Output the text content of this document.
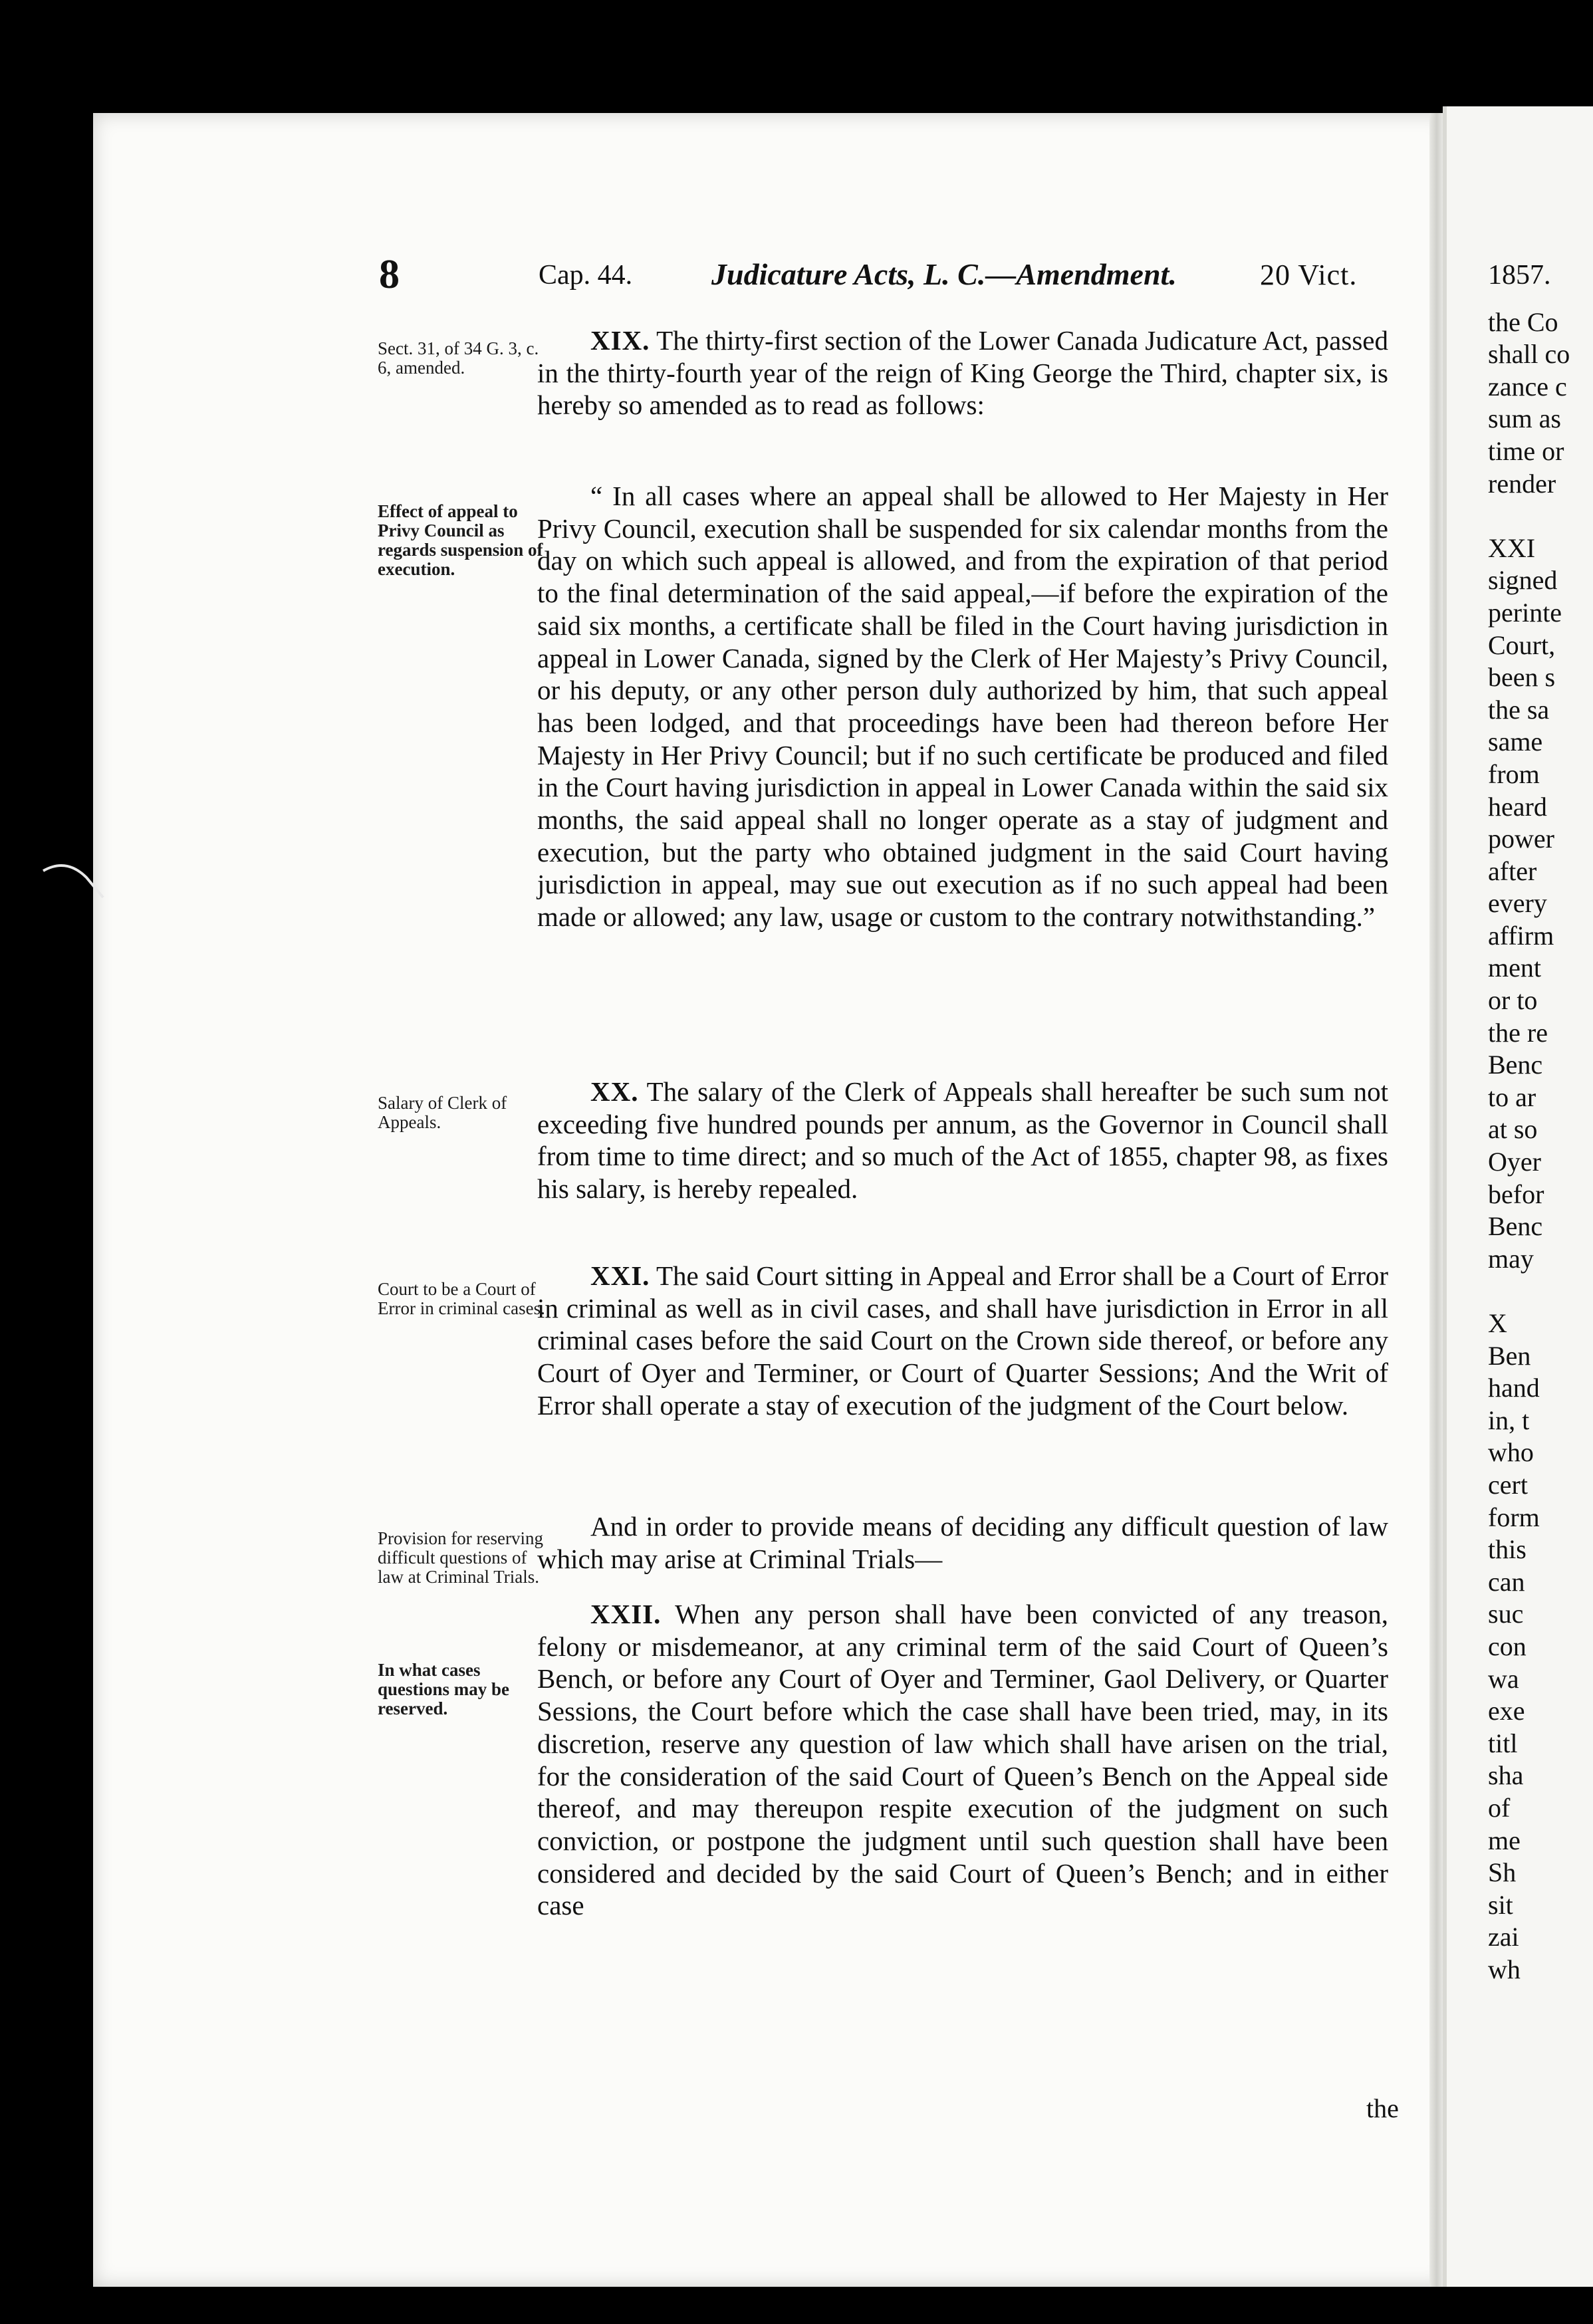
8	Cap. 44.	Judicature Acts, L. C.—Amendment.	20 Vict.
Sect. 31, of 34 G. 3, c. 6, amended.
Effect of appeal to Privy Council as regards suspension of execution.
Salary of Clerk of Appeals.
Court to be a Court of Error in criminal cases.
Provision for reserving difficult questions of law at Criminal Trials.
In what cases questions may be reserved.
XIX. The thirty-first section of the Lower Canada Judicature Act, passed in the thirty-fourth year of the reign of King George the Third, chapter six, is hereby so amended as to read as follows:
“ In all cases where an appeal shall be allowed to Her Majesty in Her Privy Council, execution shall be suspended for six calendar months from the day on which such appeal is allowed, and from the expiration of that period to the final determination of the said appeal,—if before the expiration of the said six months, a certificate shall be filed in the Court having jurisdiction in appeal in Lower Canada, signed by the Clerk of Her Majesty’s Privy Council, or his deputy, or any other person duly authorized by him, that such appeal has been lodged, and that proceedings have been had thereon before Her Majesty in Her Privy Council; but if no such certificate be produced and filed in the Court having jurisdiction in appeal in Lower Canada within the said six months, the said appeal shall no longer operate as a stay of judgment and execution, but the party who obtained judgment in the said Court having jurisdiction in appeal, may sue out execution as if no such appeal had been made or allowed; any law, usage or custom to the contrary notwithstanding.”
XX. The salary of the Clerk of Appeals shall hereafter be such sum not exceeding five hundred pounds per annum, as the Governor in Council shall from time to time direct; and so much of the Act of 1855, chapter 98, as fixes his salary, is hereby repealed.
XXI. The said Court sitting in Appeal and Error shall be a Court of Error in criminal as well as in civil cases, and shall have jurisdiction in Error in all criminal cases before the said Court on the Crown side thereof, or before any Court of Oyer and Terminer, or Court of Quarter Sessions; And the Writ of Error shall operate a stay of execution of the judgment of the Court below.
And in order to provide means of deciding any difficult question of law which may arise at Criminal Trials—
XXII. When any person shall have been convicted of any treason, felony or misdemeanor, at any criminal term of the said Court of Queen’s Bench, or before any Court of Oyer and Terminer, Gaol Delivery, or Quarter Sessions, the Court before which the case shall have been tried, may, in its discretion, reserve any question of law which shall have arisen on the trial, for the consideration of the said Court of Queen’s Bench on the Appeal side thereof, and may thereupon respite execution of the judgment on such conviction, or postpone the judgment until such question shall have been considered and decided by the said Court of Queen’s Bench; and in either case
the
1857.
the Co
shall co
zance c
sum as
time or
render

XXI
signed
perinte
Court,
been s
the sa
same
from
heard
power
after
every
affirm
ment
or to
the re
Benc
to ar
at so
Oyer
befor
Benc
may

X
Ben
hand
in, t
who
cert
form
this
can
suc
con
wa
exe
titl
sha
of
me
Sh
sit
zai
wh
